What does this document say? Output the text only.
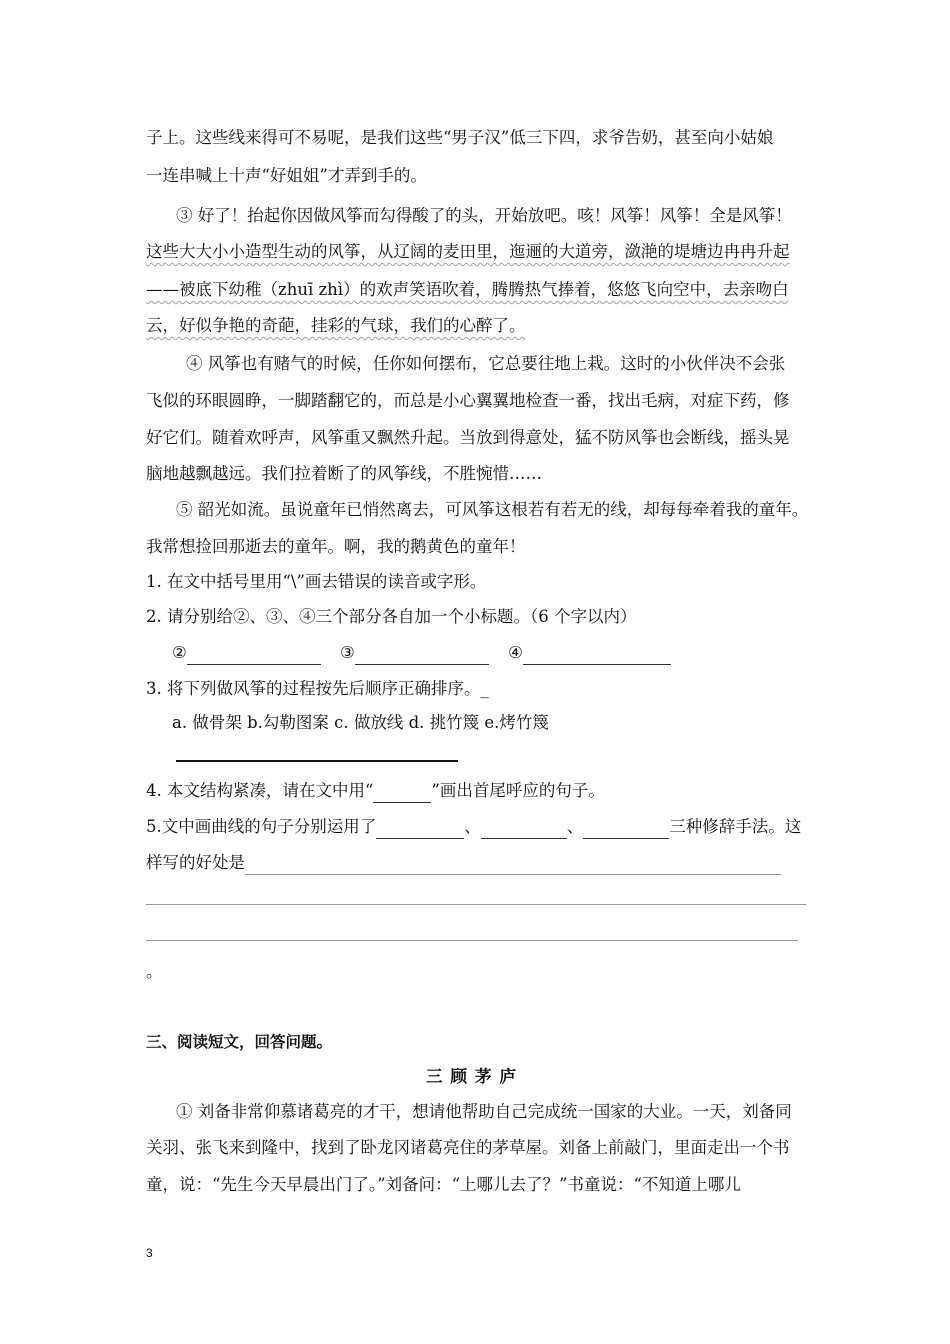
子上。这些线来得可不易呢，是我们这些“男子汉”低三下四，求爷告奶，甚至向小姑娘
一连串喊上十声“好姐姐”才弄到手的。
③ 好了！抬起你因做风筝而勾得酸了的头，开始放吧。咳！风筝！风筝！全是风筝！
这些大大小小造型生动的风筝，从辽阔的麦田里，迤逦的大道旁，潋滟的堤塘边冉冉升起
——被底下幼稚（zhuī zhì）的欢声笑语吹着，腾腾热气捧着，悠悠飞向空中，去亲吻白
云，好似争艳的奇葩，挂彩的气球，我们的心醉了。
④ 风筝也有赌气的时候，任你如何摆布，它总要往地上栽。这时的小伙伴决不会张
飞似的环眼圆睁，一脚踏翻它的，而总是小心翼翼地检查一番，找出毛病，对症下药，修
好它们。随着欢呼声，风筝重又飘然升起。当放到得意处，猛不防风筝也会断线，摇头晃
脑地越飘越远。我们拉着断了的风筝线，不胜惋惜……
⑤ 韶光如流。虽说童年已悄然离去，可风筝这根若有若无的线，却每每牵着我的童年。
我常想捡回那逝去的童年。啊，我的鹅黄色的童年！
1. 在文中括号里用“\”画去错误的读音或字形。
2. 请分别给②、③、④三个部分各自加一个小标题。（6 个字以内）
②	③	④
3. 将下列做风筝的过程按先后顺序正确排序。_
a. 做骨架 b.勾勒图案 c. 做放线 d. 挑竹篾 e.烤竹篾
4. 本文结构紧凑，请在文中用“	”画出首尾呼应的句子。
5.文中画曲线的句子分别运用了	、	、	三种修辞手法。这
样写的好处是
。
三、阅读短文，回答问题。
三顾茅庐
① 刘备非常仰慕诸葛亮的才干，想请他帮助自己完成统一国家的大业。一天，刘备同
关羽、张飞来到隆中，找到了卧龙冈诸葛亮住的茅草屋。刘备上前敲门，里面走出一个书
童，说：“先生今天早晨出门了。”刘备问：“上哪儿去了？”书童说：“不知道上哪儿
3
